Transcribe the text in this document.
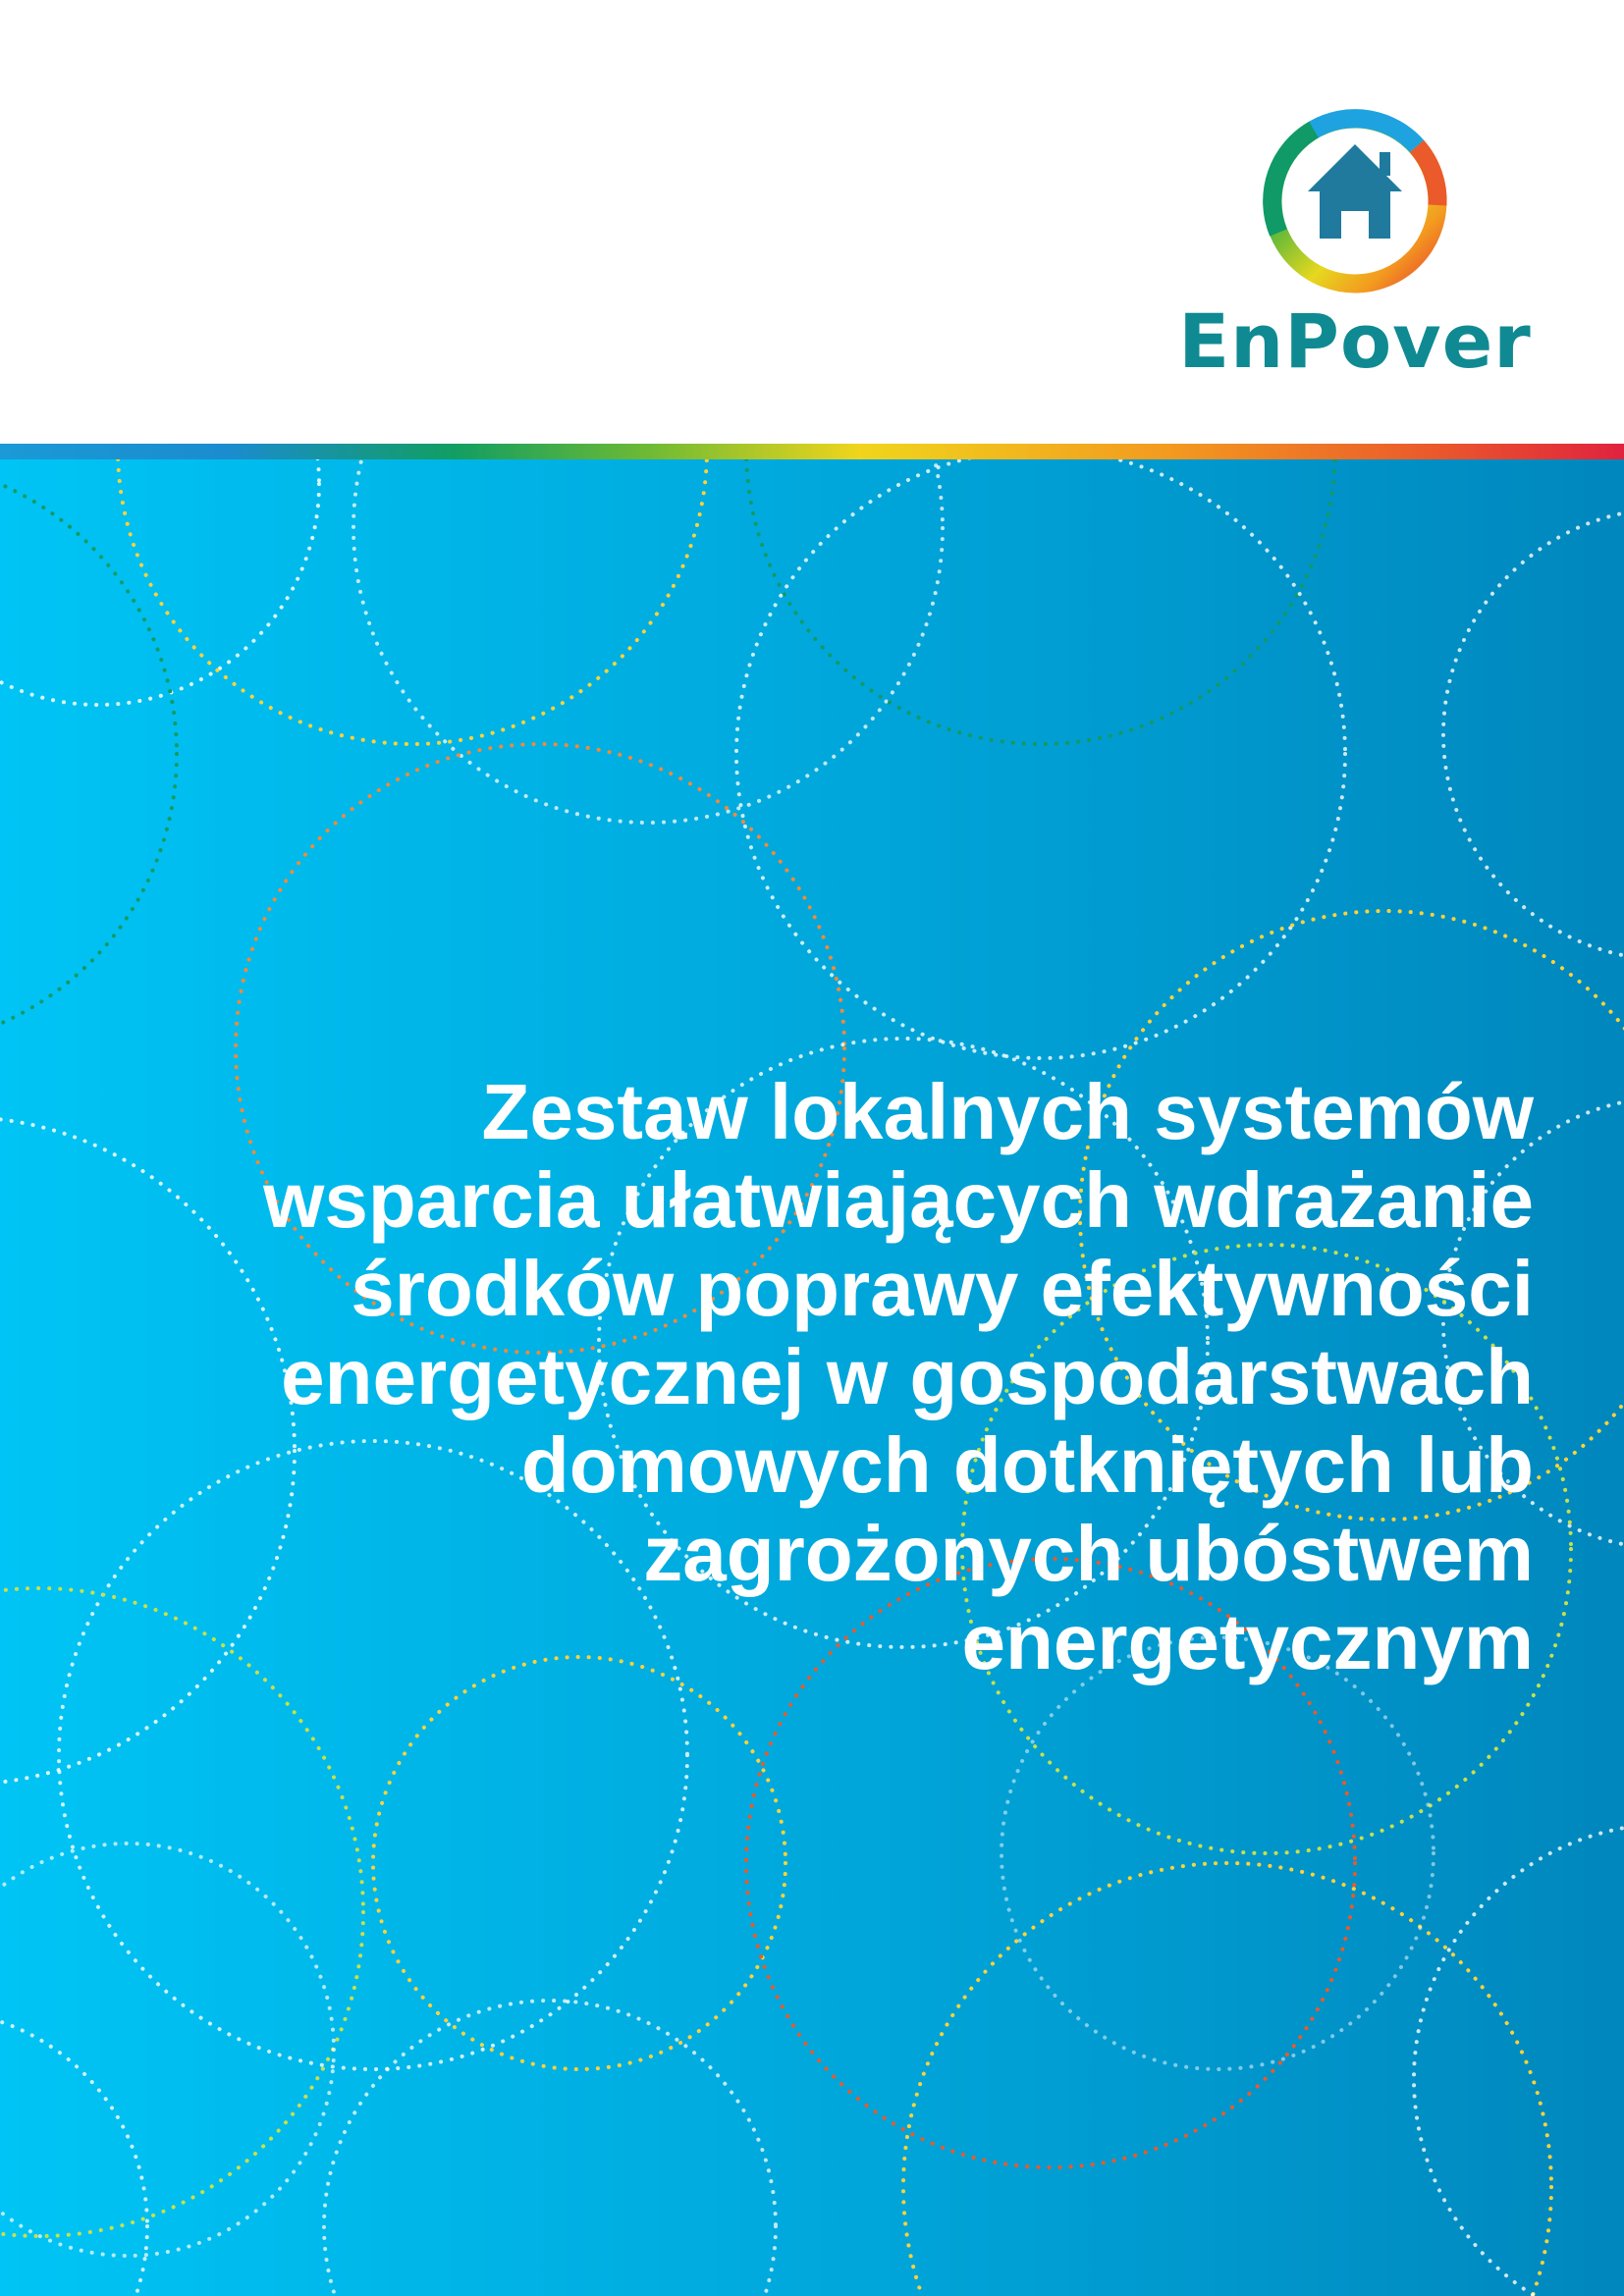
EnPover
Zestaw lokalnych systemów
wsparcia ułatwiających wdrażanie
środków poprawy efektywności
energetycznej w gospodarstwach
domowych dotkniętych lub
zagrożonych ubóstwem
energetycznym
